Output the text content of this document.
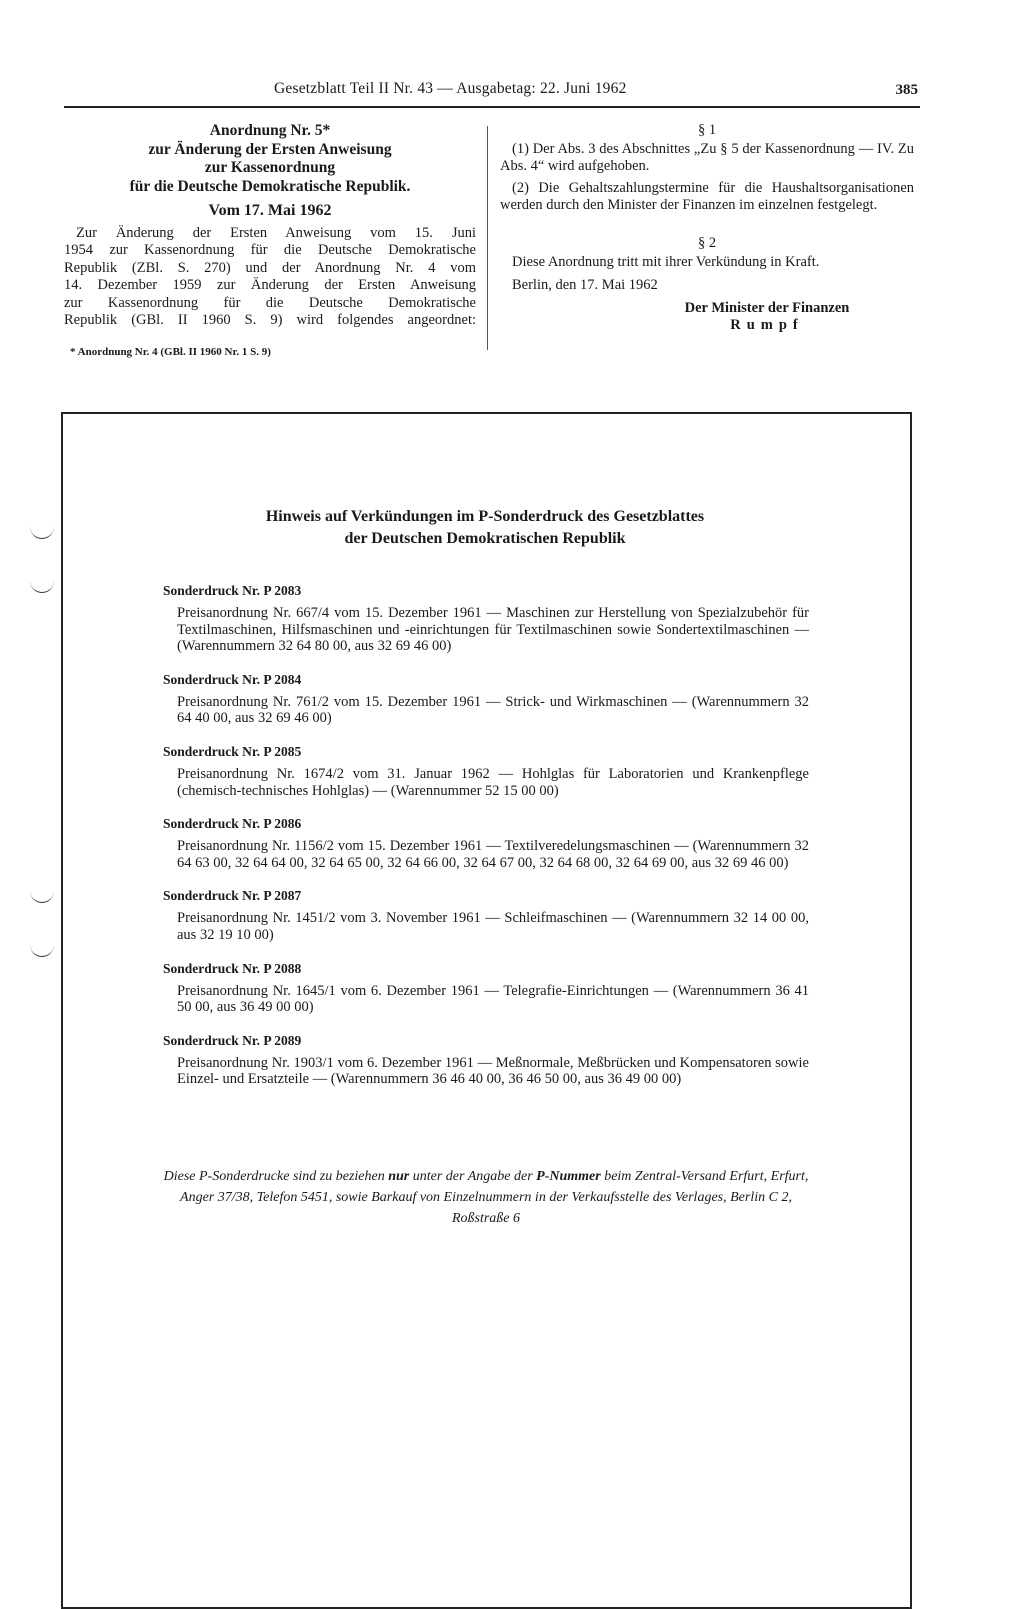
Gesetzblatt Teil II Nr. 43 — Ausgabetag: 22. Juni 1962	385
Anordnung Nr. 5*
zur Änderung der Ersten Anweisung
zur Kassenordnung
für die Deutsche Demokratische Republik.
Vom 17. Mai 1962
Zur Änderung der Ersten Anweisung vom 15. Juni
1954 zur Kassenordnung für die Deutsche Demokratische
Republik (ZBl. S. 270) und der Anordnung Nr. 4 vom
14. Dezember 1959 zur Änderung der Ersten Anweisung
zur Kassenordnung für die Deutsche Demokratische
Republik (GBl. II 1960 S. 9) wird folgendes angeordnet:
* Anordnung Nr. 4 (GBl. II 1960 Nr. 1 S. 9)
§ 1
(1) Der Abs. 3 des Abschnittes „Zu § 5 der Kassenordnung — IV. Zu Abs. 4“ wird aufgehoben.
(2) Die Gehaltszahlungstermine für die Haushaltsorganisationen werden durch den Minister der Finanzen im einzelnen festgelegt.
§ 2
Diese Anordnung tritt mit ihrer Verkündung in Kraft.
Berlin, den 17. Mai 1962
Der Minister der Finanzen
Rumpf
Hinweis auf Verkündungen im P-Sonderdruck des Gesetzblattes
der Deutschen Demokratischen Republik
Sonderdruck Nr. P 2083
Preisanordnung Nr. 667/4 vom 15. Dezember 1961 — Maschinen zur Herstellung von Spezialzubehör für Textilmaschinen, Hilfsmaschinen und -einrichtungen für Textilmaschinen sowie Sondertextilmaschinen — (Warennummern 32 64 80 00, aus 32 69 46 00)
Sonderdruck Nr. P 2084
Preisanordnung Nr. 761/2 vom 15. Dezember 1961 — Strick- und Wirkmaschinen — (Warennummern 32 64 40 00, aus 32 69 46 00)
Sonderdruck Nr. P 2085
Preisanordnung Nr. 1674/2 vom 31. Januar 1962 — Hohlglas für Laboratorien und Krankenpflege (chemisch-technisches Hohlglas) — (Warennummer 52 15 00 00)
Sonderdruck Nr. P 2086
Preisanordnung Nr. 1156/2 vom 15. Dezember 1961 — Textilveredelungsmaschinen — (Warennummern 32 64 63 00, 32 64 64 00, 32 64 65 00, 32 64 66 00, 32 64 67 00, 32 64 68 00, 32 64 69 00, aus 32 69 46 00)
Sonderdruck Nr. P 2087
Preisanordnung Nr. 1451/2 vom 3. November 1961 — Schleifmaschinen — (Warennummern 32 14 00 00, aus 32 19 10 00)
Sonderdruck Nr. P 2088
Preisanordnung Nr. 1645/1 vom 6. Dezember 1961 — Telegrafie-Einrichtungen — (Warennummern 36 41 50 00, aus 36 49 00 00)
Sonderdruck Nr. P 2089
Preisanordnung Nr. 1903/1 vom 6. Dezember 1961 — Meßnormale, Meßbrücken und Kompensatoren sowie Einzel- und Ersatzteile — (Warennummern 36 46 40 00, 36 46 50 00, aus 36 49 00 00)
Diese P-Sonderdrucke sind zu beziehen nur unter der Angabe der P-Nummer beim Zentral-Versand Erfurt, Erfurt, Anger 37/38, Telefon 5451, sowie Barkauf von Einzelnummern in der Verkaufsstelle des Verlages, Berlin C 2, Roßstraße 6
